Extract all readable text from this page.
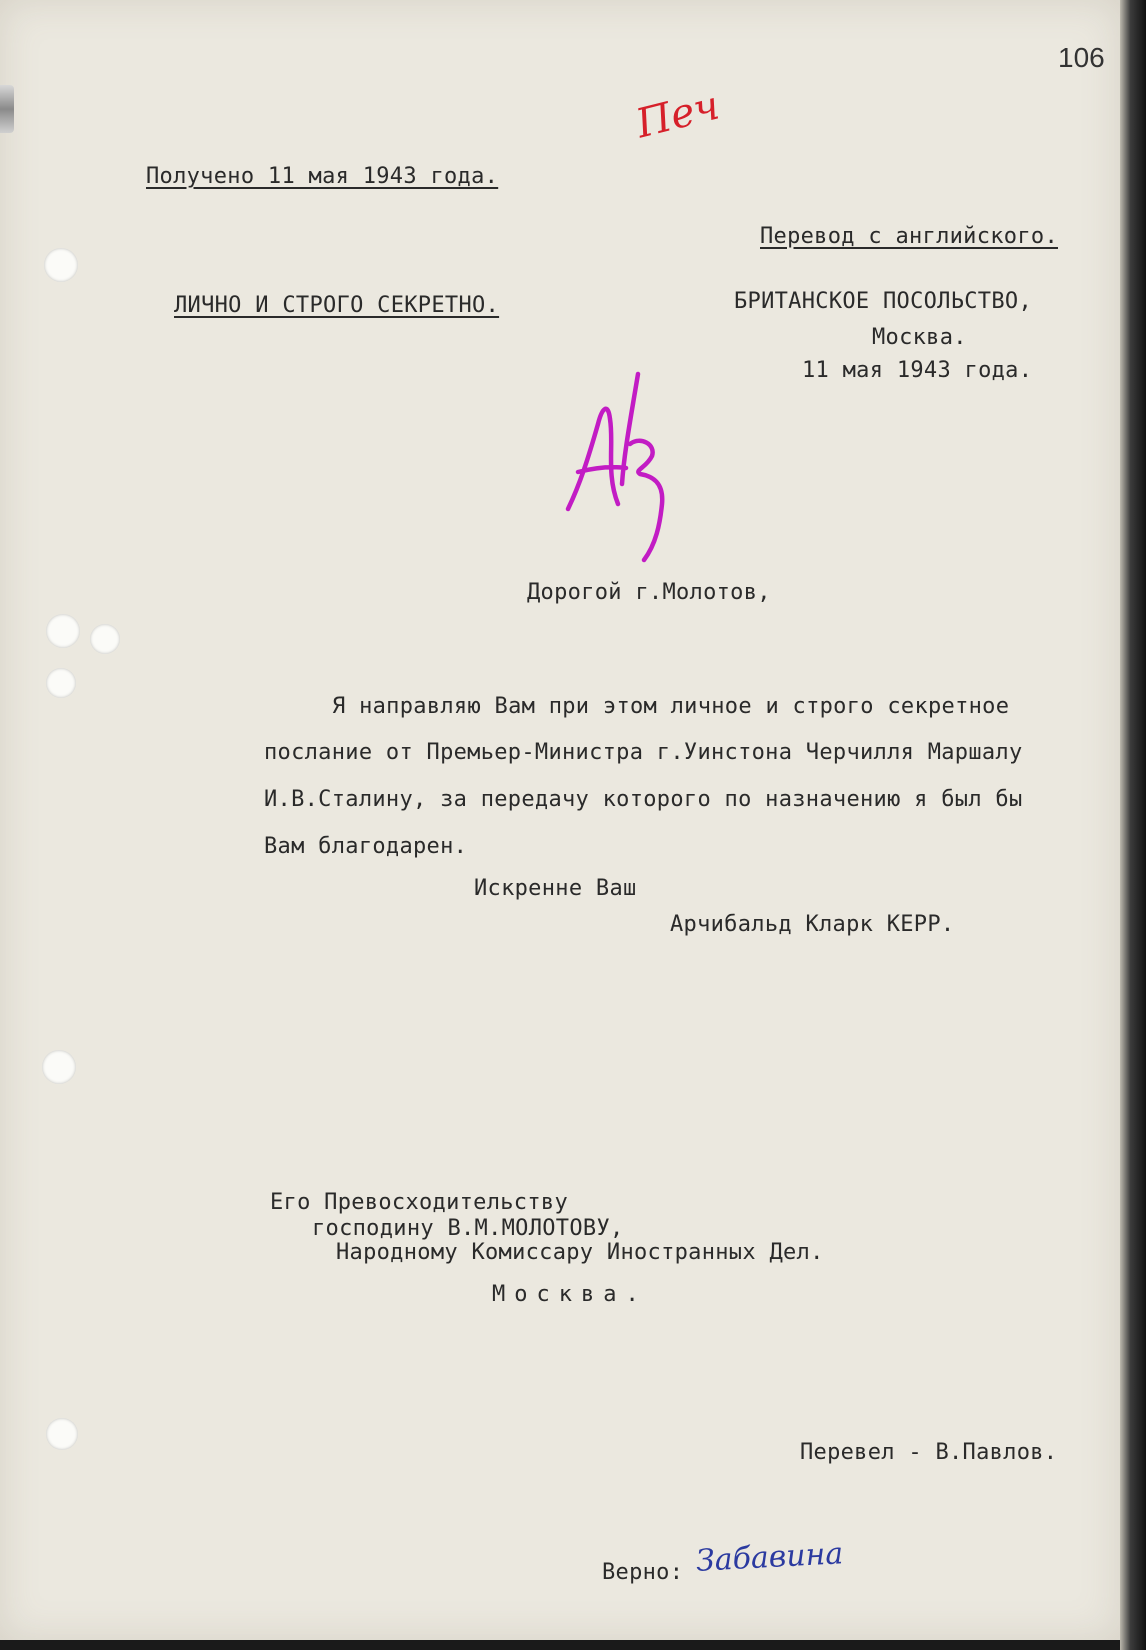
106
Печ
Получено 11 мая 1943 года.
Перевод с английского.
ЛИЧНО И СТРОГО СЕКРЕТНО.	БРИТАНСКОЕ ПОСОЛЬСТВО,
Москва.
11 мая 1943 года.
Дорогой г.Молотов,
Я направляю Вам при этом личное и строго секретное
послание от Премьер-Министра г.Уинстона Черчилля Маршалу
И.В.Сталину, за передачу которого по назначению я был бы
Вам благодарен.
Искренне Ваш
Арчибальд Кларк КЕРР.
Его Превосходительству
господину В.М.МОЛОТОВУ,
Народному Комиссару Иностранных Дел.
Москва.
Перевел - В.Павлов.
Верно: Забавина
